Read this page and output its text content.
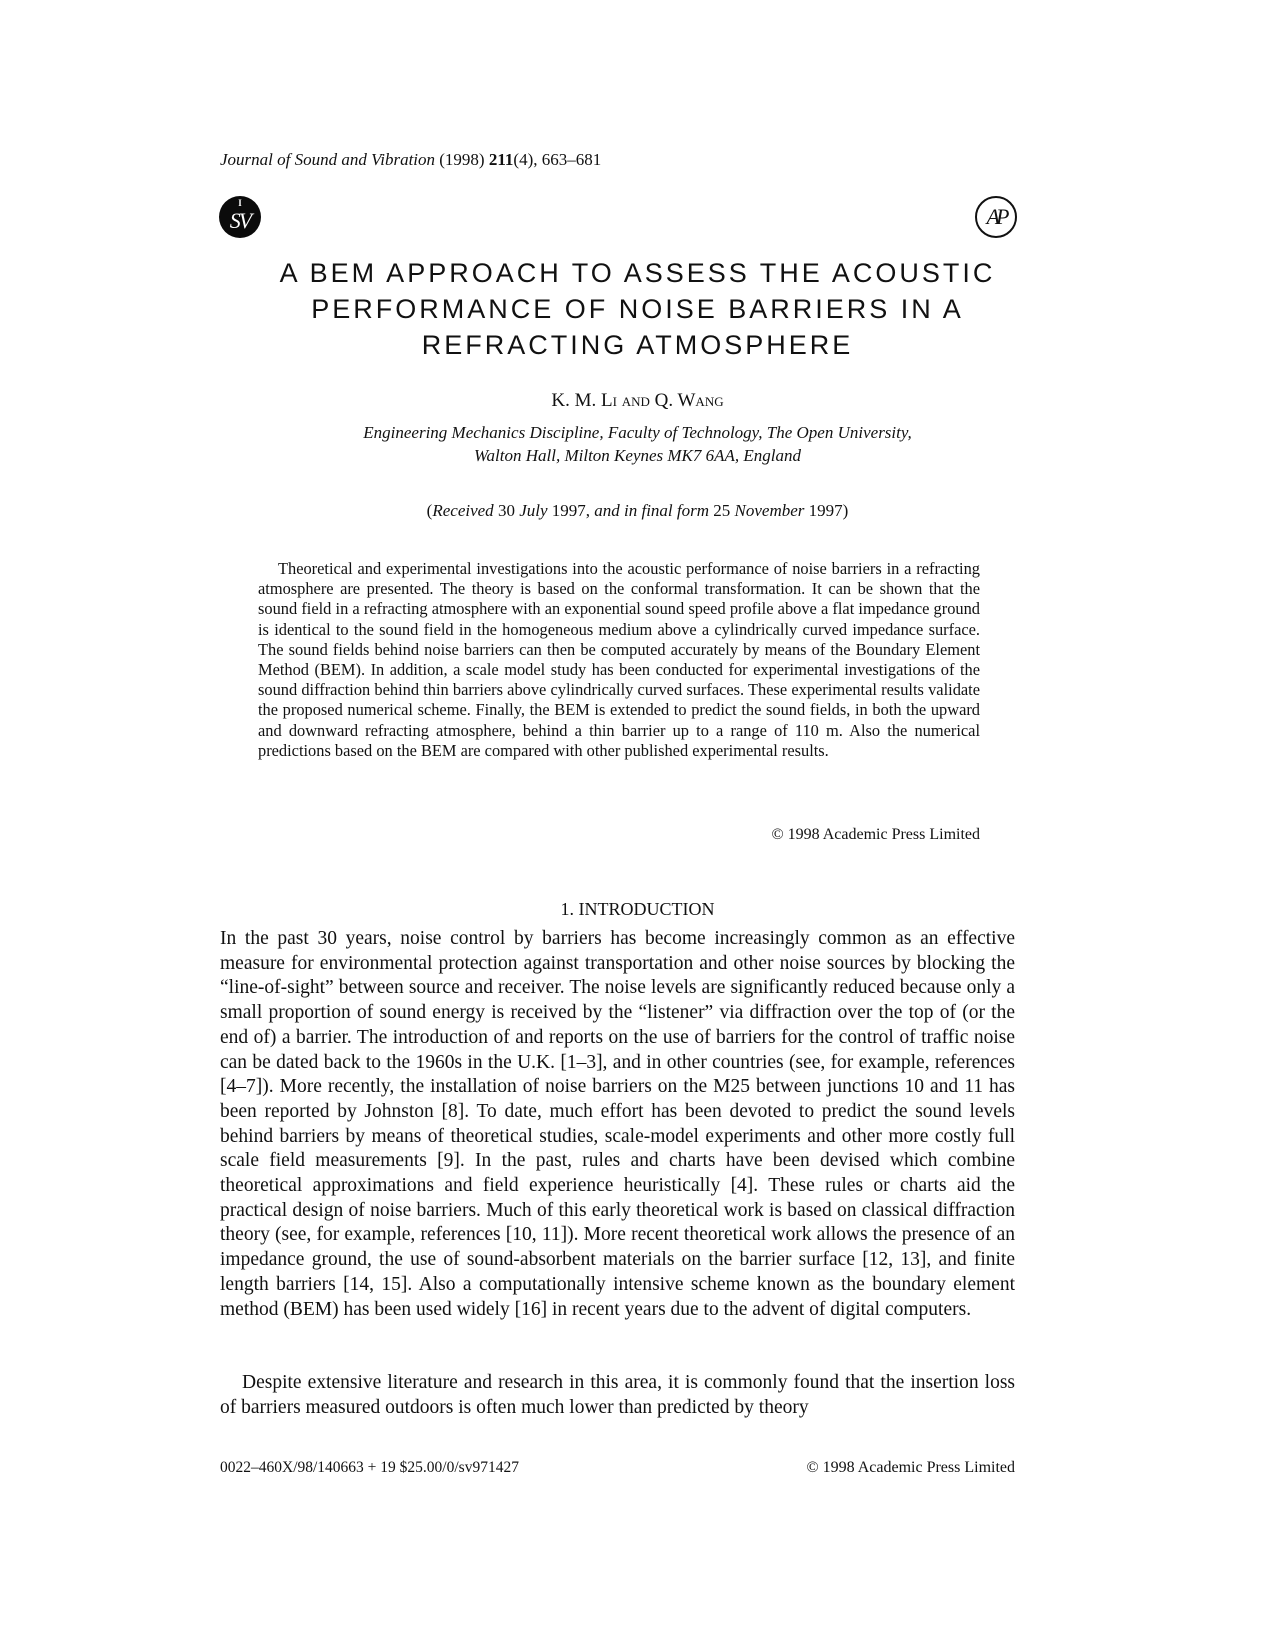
Journal of Sound and Vibration (1998) 211(4), 663–681
I
SV	AP
A BEM APPROACH TO ASSESS THE ACOUSTIC
PERFORMANCE OF NOISE BARRIERS IN A
REFRACTING ATMOSPHERE
K. M. Li and Q. Wang
Engineering Mechanics Discipline, Faculty of Technology, The Open University,
Walton Hall, Milton Keynes MK7 6AA, England
(Received 30 July 1997, and in final form 25 November 1997)
Theoretical and experimental investigations into the acoustic performance of noise barriers in a refracting atmosphere are presented. The theory is based on the conformal transformation. It can be shown that the sound field in a refracting atmosphere with an exponential sound speed profile above a flat impedance ground is identical to the sound field in the homogeneous medium above a cylindrically curved impedance surface. The sound fields behind noise barriers can then be computed accurately by means of the Boundary Element Method (BEM). In addition, a scale model study has been conducted for experimental investigations of the sound diffraction behind thin barriers above cylindrically curved surfaces. These experimental results validate the proposed numerical scheme. Finally, the BEM is extended to predict the sound fields, in both the upward and downward refracting atmosphere, behind a thin barrier up to a range of 110 m. Also the numerical predictions based on the BEM are compared with other published experimental results.
© 1998 Academic Press Limited
1. INTRODUCTION
In the past 30 years, noise control by barriers has become increasingly common as an effective measure for environmental protection against transportation and other noise sources by blocking the “line-of-sight” between source and receiver. The noise levels are significantly reduced because only a small proportion of sound energy is received by the “listener” via diffraction over the top of (or the end of) a barrier. The introduction of and reports on the use of barriers for the control of traffic noise can be dated back to the 1960s in the U.K. [1–3], and in other countries (see, for example, references [4–7]). More recently, the installation of noise barriers on the M25 between junctions 10 and 11 has been reported by Johnston [8]. To date, much effort has been devoted to predict the sound levels behind barriers by means of theoretical studies, scale-model experiments and other more costly full scale field measurements [9]. In the past, rules and charts have been devised which combine theoretical approximations and field experience heuristically [4]. These rules or charts aid the practical design of noise barriers. Much of this early theoretical work is based on classical diffraction theory (see, for example, references [10, 11]). More recent theoretical work allows the presence of an impedance ground, the use of sound-absorbent materials on the barrier surface [12, 13], and finite length barriers [14, 15]. Also a computationally intensive scheme known as the boundary element method (BEM) has been used widely [16] in recent years due to the advent of digital computers.
Despite extensive literature and research in this area, it is commonly found that the insertion loss of barriers measured outdoors is often much lower than predicted by theory
0022–460X/98/140663 + 19 $25.00/0/sv971427	© 1998 Academic Press Limited
